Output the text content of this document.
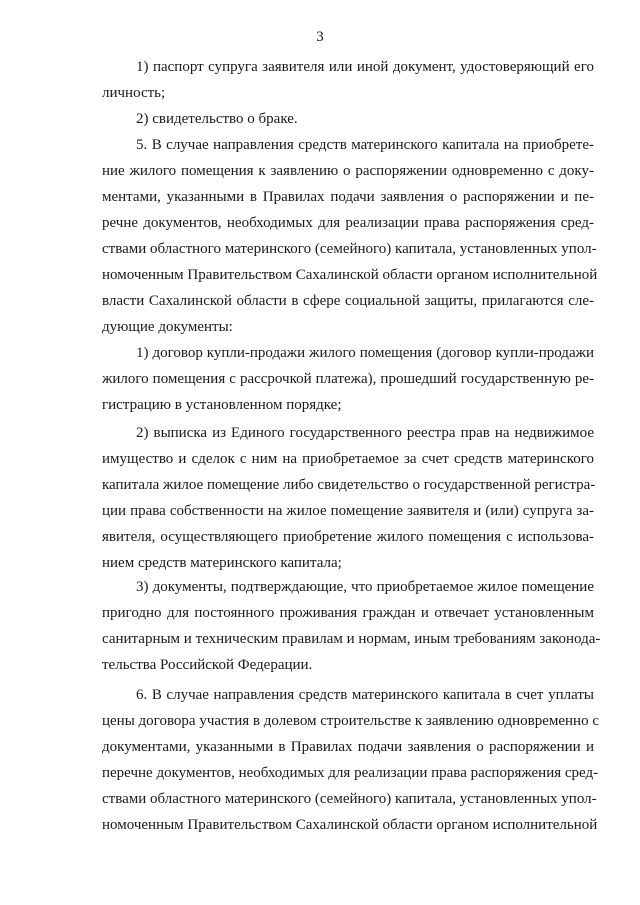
3
1) паспорт супруга заявителя или иной документ, удостоверяющий его
личность;
2) свидетельство о браке.
5. В случае направления средств материнского капитала на приобрете-
ние жилого помещения к заявлению о распоряжении одновременно с доку-
ментами, указанными в Правилах подачи заявления о распоряжении и пе-
речне документов, необходимых для реализации права распоряжения сред-
ствами областного материнского (семейного) капитала, установленных упол-
номоченным Правительством Сахалинской области органом исполнительной
власти Сахалинской области в сфере социальной защиты, прилагаются сле-
дующие документы:
1) договор купли-продажи жилого помещения (договор купли-продажи
жилого помещения с рассрочкой платежа), прошедший государственную ре-
гистрацию в установленном порядке;
2) выписка из Единого государственного реестра прав на недвижимое
имущество и сделок с ним на приобретаемое за счет средств материнского
капитала жилое помещение либо свидетельство о государственной регистра-
ции права собственности на жилое помещение заявителя и (или) супруга за-
явителя, осуществляющего приобретение жилого помещения с использова-
нием средств материнского капитала;
3) документы, подтверждающие, что приобретаемое жилое помещение
пригодно для постоянного проживания граждан и отвечает установленным
санитарным и техническим правилам и нормам, иным требованиям законода-
тельства Российской Федерации.
6. В случае направления средств материнского капитала в счет уплаты
цены договора участия в долевом строительстве к заявлению одновременно с
документами, указанными в Правилах подачи заявления о распоряжении и
перечне документов, необходимых для реализации права распоряжения сред-
ствами областного материнского (семейного) капитала, установленных упол-
номоченным Правительством Сахалинской области органом исполнительной
